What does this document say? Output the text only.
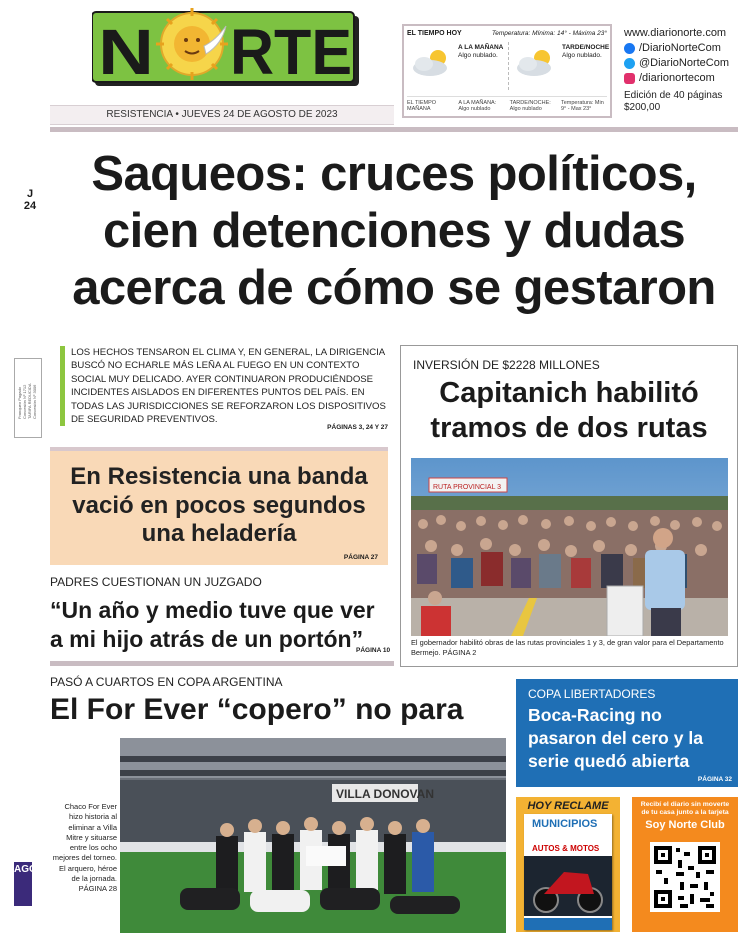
N RTE
RESISTENCIA • JUEVES 24 DE AGOSTO DE 2023
EL TIEMPO HOY	Temperatura: Mínima: 14° - Máxima 23°
A LA MAÑANA
Algo nublado.
TARDE/NOCHE
Algo nublado.
EL TIEMPO MAÑANA
A LA MAÑANA: Algo nublado
TARDE/NOCHE: Algo nublado
Temperatura: Min 9° - Max 23°
www.diarionorte.com
/DiarioNorteCom
@DiarioNorteCom
/diarionortecom
Edición de 40 páginas
$200,00
Saqueos: cruces políticos,
cien detenciones y dudas
acerca de cómo se gestaron
J
24
Franqueo Pagado Concesión Nº 1712 TARIFA REDUCIDA Concesión Nº 3006
LOS HECHOS TENSARON EL CLIMA Y, EN GENERAL, LA DIRIGENCIA BUSCÓ NO ECHARLE MÁS LEÑA AL FUEGO EN UN CONTEXTO SOCIAL MUY DELICADO. AYER CONTINUARON PRODUCIÉNDOSE INCIDENTES AISLADOS EN DIFERENTES PUNTOS DEL PAÍS. EN TODAS LAS JURISDICCIONES SE REFORZARON LOS DISPOSITIVOS DE SEGURIDAD PREVENTIVOS.
PÁGINAS 3, 24 Y 27
En Resistencia una banda vació en pocos segundos una heladería
PÁGINA 27
PADRES CUESTIONAN UN JUZGADO
“Un año y medio tuve que ver a mi hijo atrás de un portón”
PÁGINA 10
INVERSIÓN DE $2228 MILLONES
Capitanich habilitó tramos de dos rutas
RUTA PROVINCIAL 3
El gobernador habilitó obras de las rutas provinciales 1 y 3, de gran valor para el Departamento Bermejo. PÁGINA 2
PASÓ A CUARTOS EN COPA ARGENTINA
El For Ever “copero” no para
Chaco For Ever hizo historia al eliminar a Villa Mitre y situarse entre los ocho mejores del torneo. El arquero, héroe de la jornada. PÁGINA 28
VILLA DONOVAN
AGO
COPA LIBERTADORES
Boca-Racing no pasaron del cero y la serie quedó abierta
PÁGINA 32
HOY RECLAME
MUNICIPIOS
AUTOS & MOTOS
Recibí el diario sin moverte de tu casa junto a la tarjeta
Soy Norte Club
